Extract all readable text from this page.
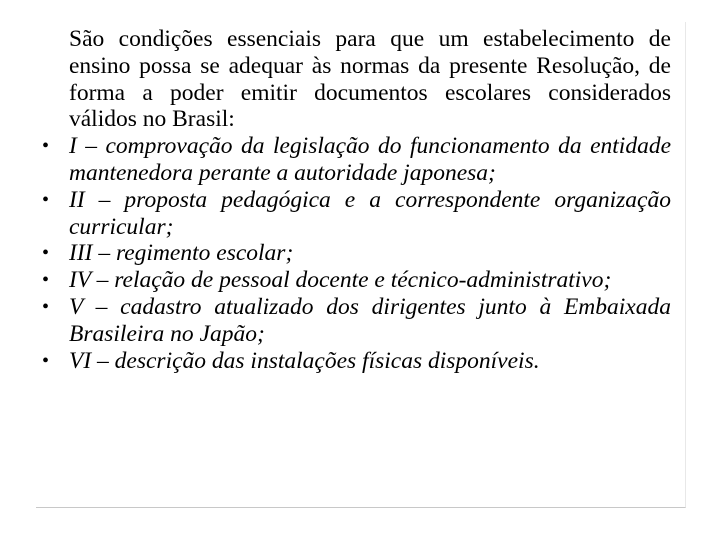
São condições essenciais para que um estabelecimento de ensino possa se adequar às normas da presente Resolução, de forma a poder emitir documentos escolares considerados válidos no Brasil:

• I – comprovação da legislação do funcionamento da entidade mantenedora perante a autoridade japonesa;
• II – proposta pedagógica e a correspondente organização curricular;
• III – regimento escolar;
• IV – relação de pessoal docente e técnico-administrativo;
• V – cadastro atualizado dos dirigentes junto à Embaixada Brasileira no Japão;
• VI – descrição das instalações físicas disponíveis.
